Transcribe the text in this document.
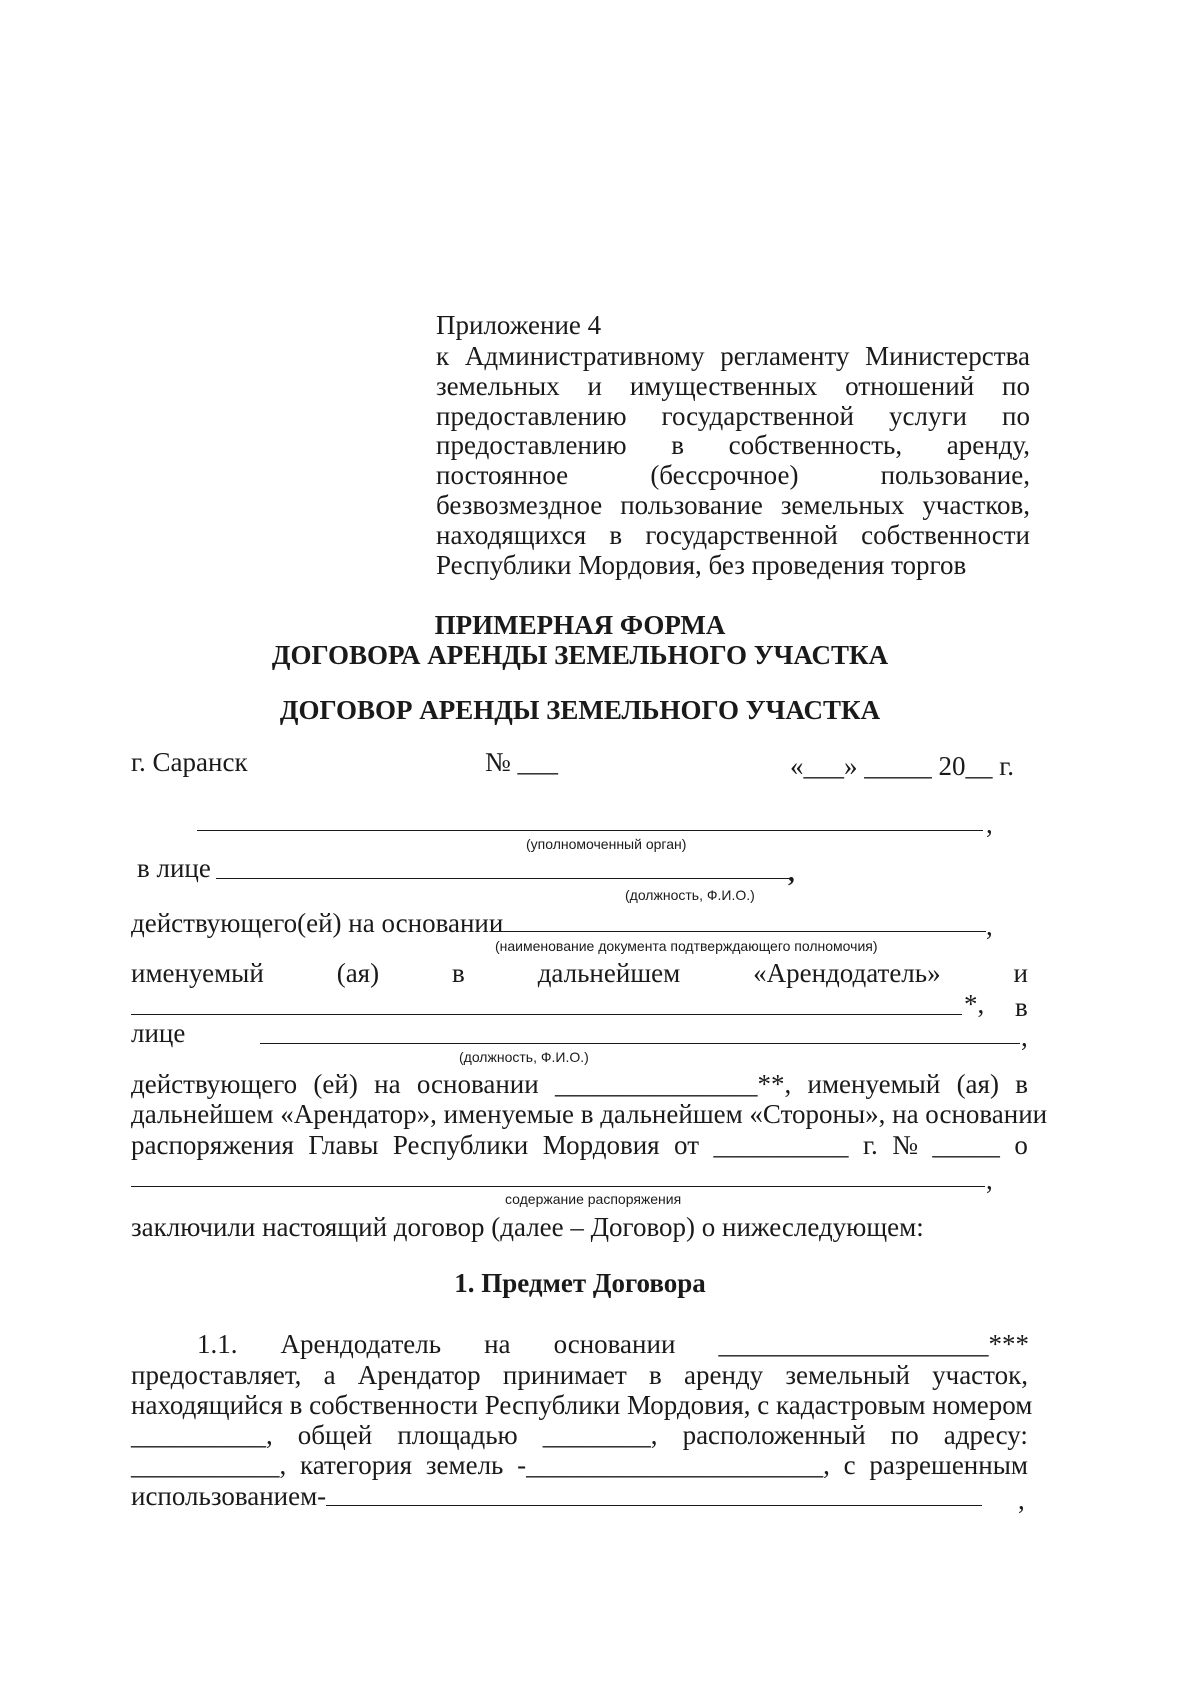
Приложение 4
к Административному регламенту Министерства
земельных и имущественных отношений по
предоставлению государственной услуги по
предоставлению в собственность, аренду,
постоянное	(бессрочное)	пользование,
безвозмездное пользование земельных участков,
находящихся в государственной собственности
Республики Мордовия, без проведения торгов
ПРИМЕРНАЯ ФОРМА
ДОГОВОРА АРЕНДЫ ЗЕМЕЛЬНОГО УЧАСТКА
ДОГОВОР АРЕНДЫ ЗЕМЕЛЬНОГО УЧАСТКА
г. Саранск	№ ___	«___» _____ 20__ г.
,
(уполномоченный орган)
в лице	,
(должность, Ф.И.О.)
действующего(ей) на основании	,
(наименование документа подтверждающего полномочия)
именуемый	(ая)	в	дальнейшем	«Арендодатель»	и
*, в
лице	,
(должность, Ф.И.О.)
действующего (ей) на основании _______________**, именуемый (ая) в
дальнейшем «Арендатор», именуемые в дальнейшем «Стороны», на основании
распоряжения Главы Республики Мордовия от __________ г. № _____ о
,
содержание распоряжения
заключили настоящий договор (далее – Договор) о нижеследующем:
1. Предмет Договора
1.1. Арендодатель на основании ____________________***
предоставляет, а Арендатор принимает в аренду земельный участок,
находящийся в собственности Республики Мордовия, с кадастровым номером
__________, общей площадью ________, расположенный по адресу:
___________, категория земель -______________________, с разрешенным
использованием-	,
